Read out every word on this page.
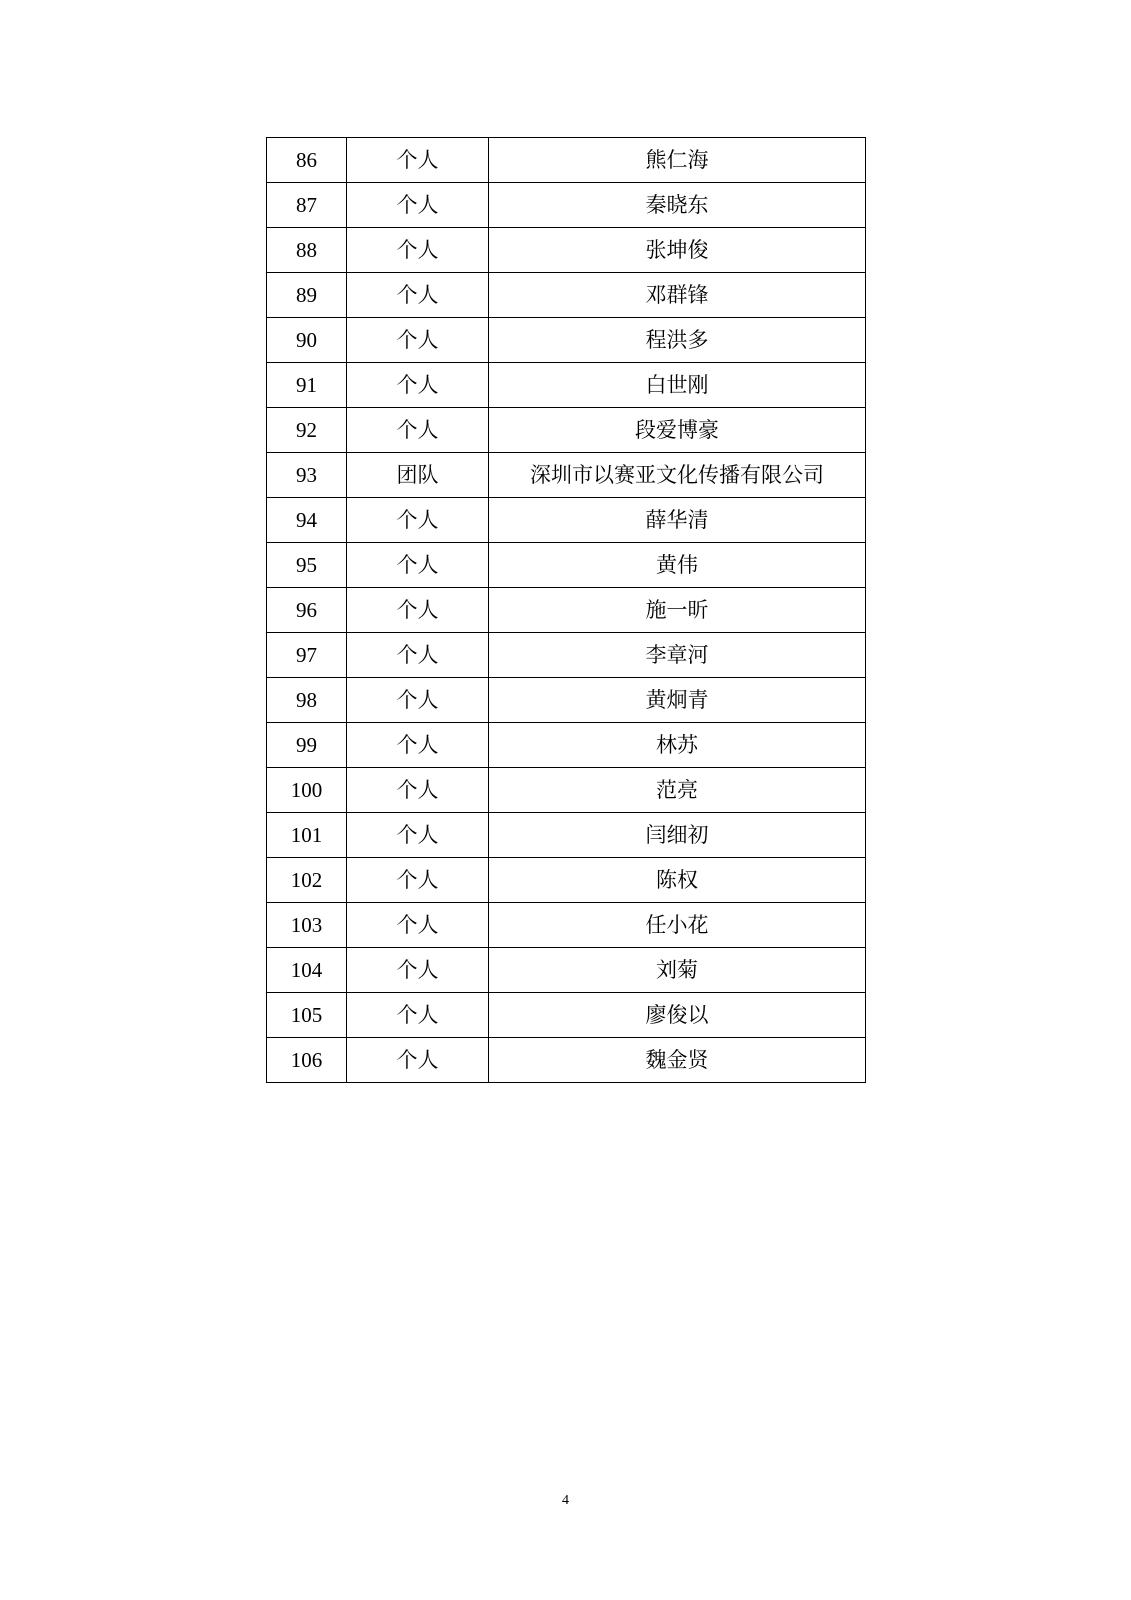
86	个人	熊仁海
87	个人	秦晓东
88	个人	张坤俊
89	个人	邓群锋
90	个人	程洪多
91	个人	白世刚
92	个人	段爱博豪
93	团队	深圳市以赛亚文化传播有限公司
94	个人	薛华清
95	个人	黄伟
96	个人	施一昕
97	个人	李章河
98	个人	黄炯青
99	个人	林苏
100	个人	范亮
101	个人	闫细初
102	个人	陈权
103	个人	任小花
104	个人	刘菊
105	个人	廖俊以
106	个人	魏金贤
4
